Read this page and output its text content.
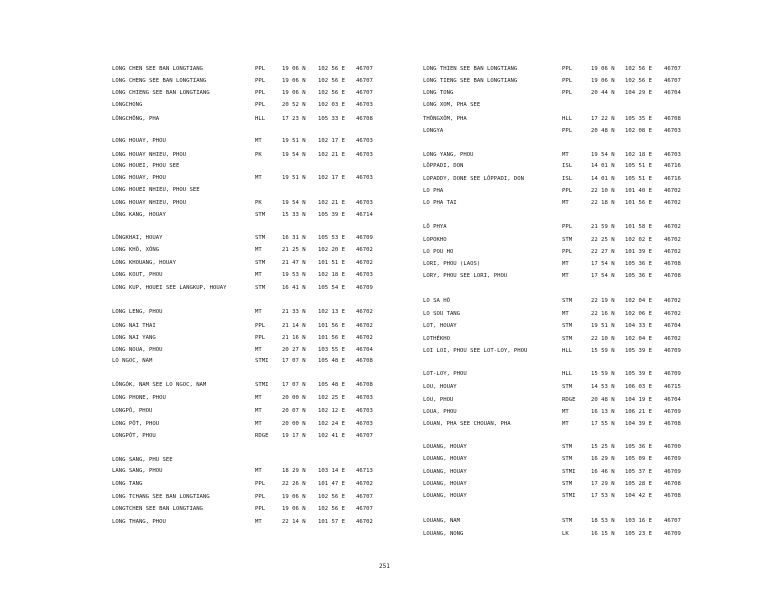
LONG CHEN SEE BAN LONGTIANG	PPL	19 06 N 102 56 E 46707
LONG CHENG SEE BAN LONGTIANG	PPL	19 06 N 102 56 E 46707
LONG CHIENG SEE BAN LONGTIANG	PPL	19 06 N 102 56 E 46707
LONGCHONG	PPL	20 52 N 102 03 E 46703
LÔNGCHÔNG, PHA	HLL	17 23 N 105 33 E 46708
LONG HOUAY, PHOU	MT	19 51 N 102 17 E 46703
LONG HOUAY NHIEU, PHOU	PK	19 54 N 102 21 E 46703
LONG HOUEI, PHOU SEE
LONG HOUAY, PHOU	MT	19 51 N 102 17 E 46703
LONG HOUEI NHIEU, PHOU SEE
LONG HOUAY NHIEU, PHOU	PK	19 54 N 102 21 E 46703
LÔNG KANG, HOUAY	STM	15 33 N 105 39 E 46714
LÔNGKHAI, HOUAY	STM	16 31 N 105 53 E 46709
LONG KHÔ, XÔNG	MT	21 25 N 102 20 E 46702
LONG KHOUANG, HOUAY	STM	21 47 N 101 51 E 46702
LONG KOUT, PHOU	MT	19 53 N 102 18 E 46703
LONG KUP, HOUEI SEE LANGKUP, HOUAY	STM	16 41 N 105 54 E 46709
LONG LENG, PHOU	MT	21 33 N 102 13 E 46702
LONG NAI THAI	PPL	21 14 N 101 56 E 46702
LONG NAI YANG	PPL	21 16 N 101 56 E 46702
LONG NOUA, PHOU	MT	20 27 N 103 55 E 46704
LO NGOC, NAM	STMI 17 07 N 105 48 E 46708
LÔNGÓK, NAM SEE LO NGOC, NAM	STMI 17 07 N 105 48 E 46708
LONG PHONE, PHOU	MT	20 00 N 102 25 E 46703
LONGPÔ, PHOU	MT	20 07 N 102 12 E 46703
LONG PÔT, PHOU	MT	20 00 N 102 24 E 46703
LONGPÔT, PHOU	RDGE 19 17 N 102 41 E 46707
LONG SANG, PHU SEE
LANG SANG, PHOU	MT	18 29 N 103 14 E 46713
LONG TANG	PPL	22 26 N 101 47 E 46702
LONG TCHANG SEE BAN LONGTIANG	PPL	19 06 N 102 56 E 46707
LONGTCHEN SEE BAN LONGTIANG	PPL	19 06 N 102 56 E 46707
LONG THANG, PHOU	MT	22 14 N 101 57 E 46702
LONG THIEN SEE BAN LONGTIANG	PPL	19 06 N 102 56 E 46707
LONG TIENG SEE BAN LONGTIANG	PPL	19 06 N 102 56 E 46707
LONG TONG	PPL	20 44 N 104 29 E 46704
LONG XOM, PHA SEE
THÔNGXÔM, PHA	HLL	17 22 N 105 35 E 46708
LONGYA	PPL	20 48 N 102 08 E 46703
LONG YANG, PHOU	MT	19 54 N 102 18 E 46703
LÔPPADI, DON	ISL	14 01 N 105 51 E 46716
LOPADDY, DONE SEE LÔPPADI, DON	ISL	14 01 N 105 51 E 46716
LO PHA	PPL	22 10 N 101 40 E 46702
LO PHA TAI	MT	22 18 N 101 56 E 46702
LÔ PHYA	PPL	21 59 N 101 58 E 46702
LOPOKHO	STM	22 25 N 102 02 E 46702
LO POU HO	PPL	22 27 N 101 39 E 46702
LORI, PHOU (LAOS)	MT	17 54 N 105 36 E 46708
LORY, PHOU SEE LORI, PHOU	MT	17 54 N 105 36 E 46708
LO SA HÔ	STM	22 19 N 102 04 E 46702
LO SOU TANG	MT	22 16 N 102 06 E 46702
LOT, HOUAY	STM	19 51 N 104 33 E 46704
LOTHÉKHO	STM	22 10 N 102 04 E 46702
LOI LOI, PHOU SEE LOT-LOY, PHOU	HLL	15 59 N 105 39 E 46709
LOT-LOY, PHOU	HLL	15 59 N 105 39 E 46709
LOU, HOUAY	STM	14 53 N 106 03 E 46715
LOU, PHOU	RDGE	20 48 N 104 19 E 46704
LOUA, PHOU	MT	16 13 N 106 21 E 46709
LOUAN, PHA SEE CHOUAN, PHA	MT	17 55 N 104 39 E 46708
LOUANG, HOUAY	STM	15 25 N 105 36 E 46700
LOUANG, HOUAY	STM	16 29 N 105 09 E 46709
LOUANG, HOUAY	STMI	16 46 N 105 37 E 46709
LOUANG, HOUAY	STM	17 29 N 105 28 E 46708
LOUANG, HOUAY	STMI	17 53 N 104 42 E 46708
LOUANG, NAM	STM	18 53 N 103 16 E 46707
LOUANG, NONG	LK	16 15 N 105 23 E 46709
251
